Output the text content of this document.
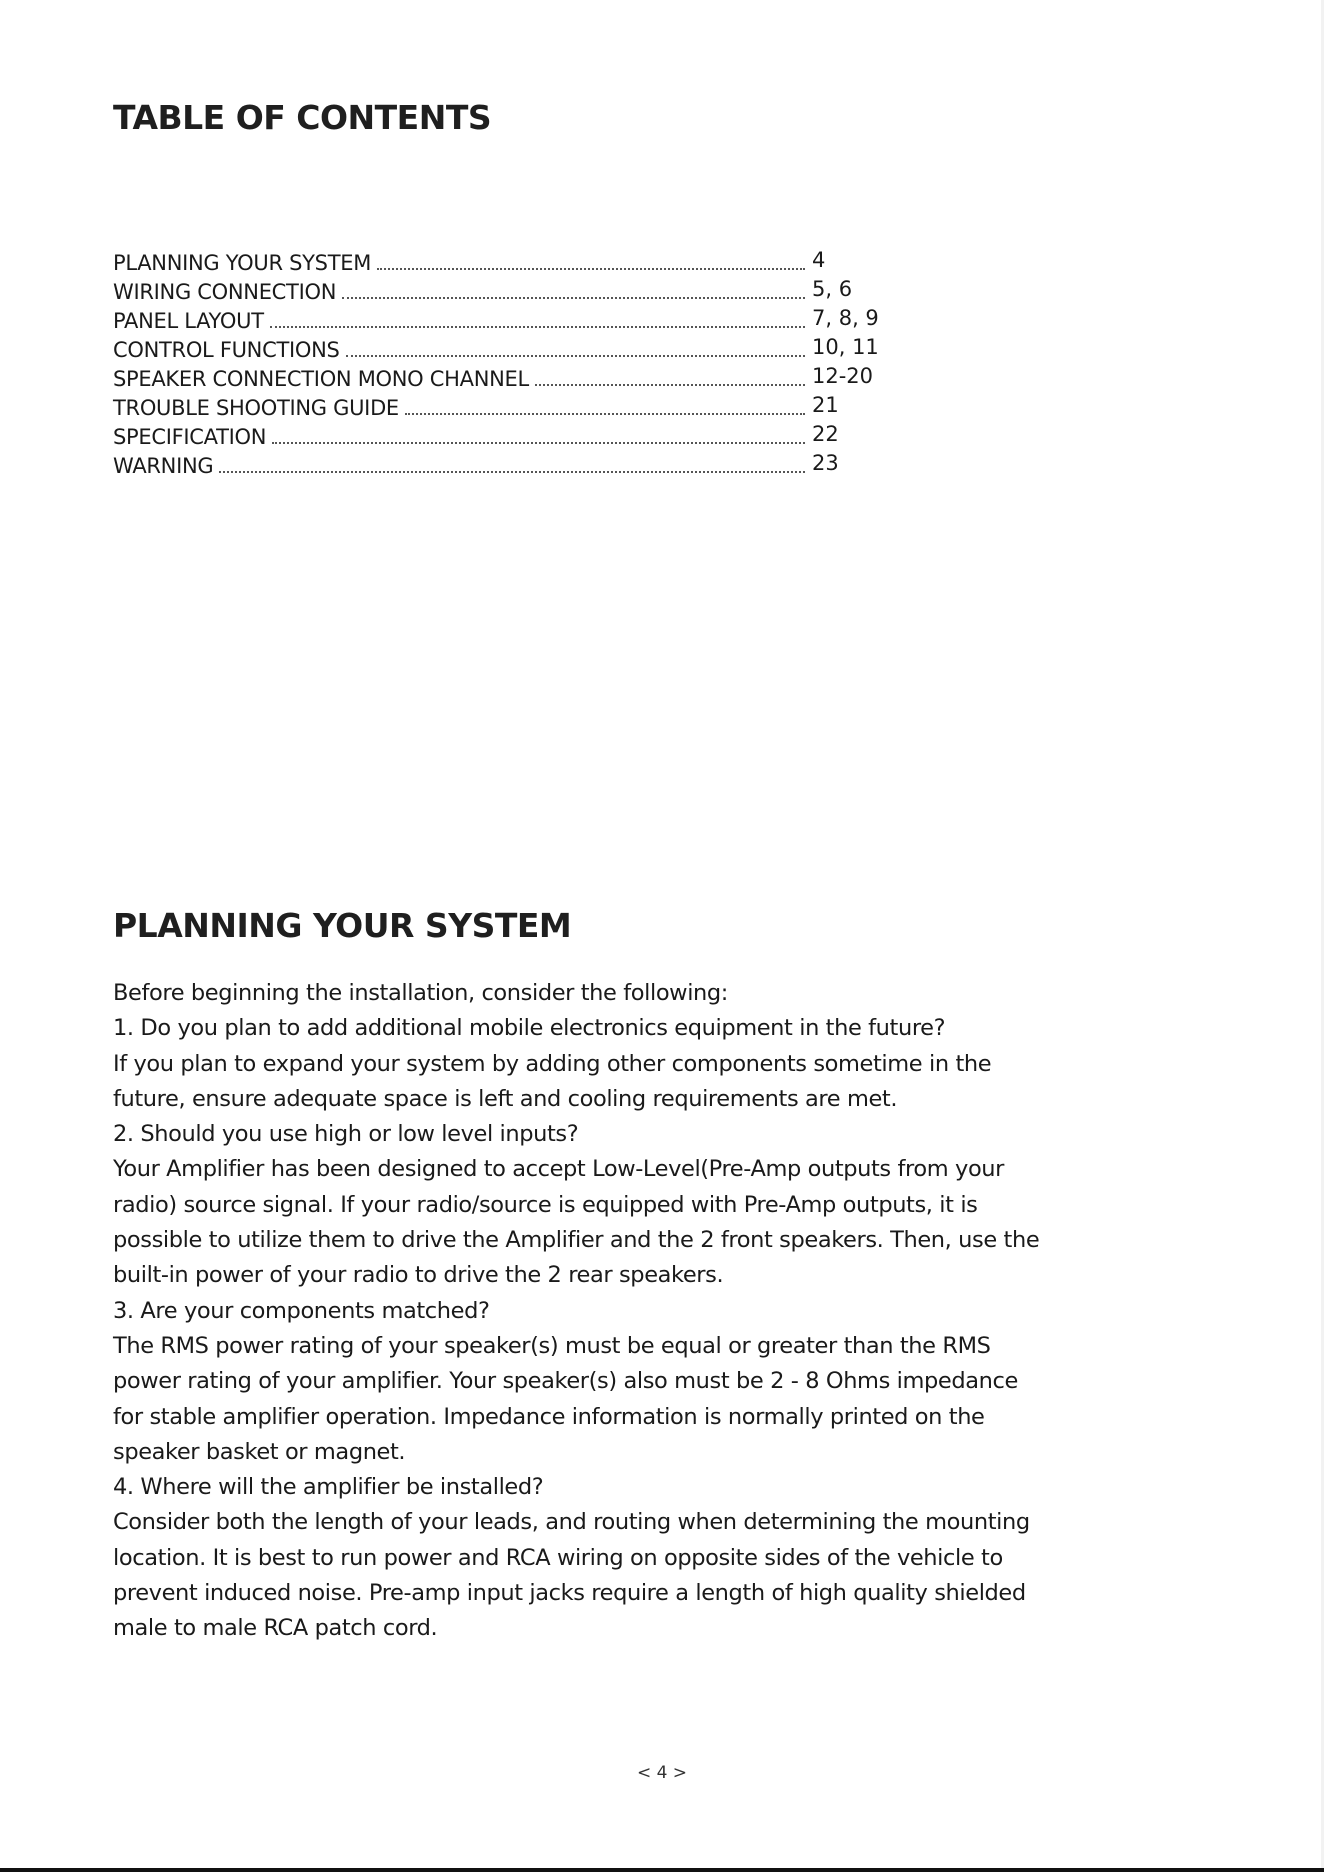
TABLE OF CONTENTS
PLANNING YOUR SYSTEM	4
WIRING CONNECTION	5, 6
PANEL LAYOUT	7, 8, 9
CONTROL FUNCTIONS	10, 11
SPEAKER CONNECTION MONO CHANNEL	12-20
TROUBLE SHOOTING GUIDE	21
SPECIFICATION	22
WARNING	23
PLANNING YOUR SYSTEM
Before beginning the installation, consider the following:
1. Do you plan to add additional mobile electronics equipment in the future?
If you plan to expand your system by adding other components sometime in the
future, ensure adequate space is left and cooling requirements are met.
2. Should you use high or low level inputs?
Your Amplifier has been designed to accept Low-Level(Pre-Amp outputs from your
radio) source signal. If your radio/source is equipped with Pre-Amp outputs, it is
possible to utilize them to drive the Amplifier and the 2 front speakers. Then, use the
built-in power of your radio to drive the 2 rear speakers.
3. Are your components matched?
The RMS power rating of your speaker(s) must be equal or greater than the RMS
power rating of your amplifier. Your speaker(s) also must be 2 - 8 Ohms impedance
for stable amplifier operation. Impedance information is normally printed on the
speaker basket or magnet.
4. Where will the amplifier be installed?
Consider both the length of your leads, and routing when determining the mounting
location. It is best to run power and RCA wiring on opposite sides of the vehicle to
prevent induced noise. Pre-amp input jacks require a length of high quality shielded
male to male RCA patch cord.
< 4 >
